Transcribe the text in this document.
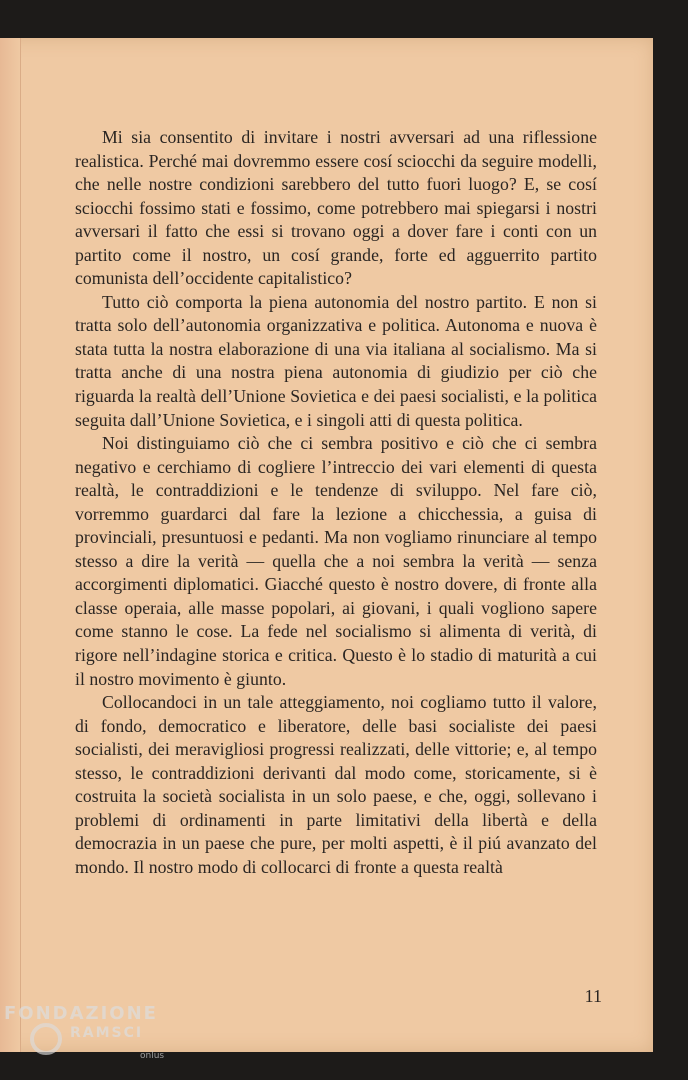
Mi sia consentito di invitare i nostri avversari ad una riflessione realistica. Perché mai dovremmo essere cosí sciocchi da seguire modelli, che nelle nostre condizioni sarebbero del tutto fuori luogo? E, se cosí sciocchi fossimo stati e fossimo, come potrebbero mai spiegarsi i nostri avversari il fatto che essi si trovano oggi a dover fare i conti con un partito come il nostro, un cosí grande, forte ed agguerrito partito comunista dell’occidente capitalistico?

Tutto ciò comporta la piena autonomia del nostro partito. E non si tratta solo dell’autonomia organizzativa e politica. Autonoma e nuova è stata tutta la nostra elaborazione di una via italiana al socialismo. Ma si tratta anche di una nostra piena autonomia di giudizio per ciò che riguarda la realtà dell’Unione Sovietica e dei paesi socialisti, e la politica seguita dall’Unione Sovietica, e i singoli atti di questa politica.

Noi distinguiamo ciò che ci sembra positivo e ciò che ci sembra negativo e cerchiamo di cogliere l’intreccio dei vari elementi di questa realtà, le contraddizioni e le tendenze di sviluppo. Nel fare ciò, vorremmo guardarci dal fare la lezione a chicchessia, a guisa di provinciali, presuntuosi e pedanti. Ma non vogliamo rinunciare al tempo stesso a dire la verità — quella che a noi sembra la verità — senza accorgimenti diplomatici. Giacché questo è nostro dovere, di fronte alla classe operaia, alle masse popolari, ai giovani, i quali vogliono sapere come stanno le cose. La fede nel socialismo si alimenta di verità, di rigore nell’indagine storica e critica. Questo è lo stadio di maturità a cui il nostro movimento è giunto.

Collocandoci in un tale atteggiamento, noi cogliamo tutto il valore, di fondo, democratico e liberatore, delle basi socialiste dei paesi socialisti, dei meravigliosi progressi realizzati, delle vittorie; e, al tempo stesso, le contraddizioni derivanti dal modo come, storicamente, si è costruita la società socialista in un solo paese, e che, oggi, sollevano i problemi di ordinamenti in parte limitativi della libertà e della democrazia in un paese che pure, per molti aspetti, è il piú avanzato del mondo. Il nostro modo di collocarci di fronte a questa realtà

11
FONDAZIONE
RAMSCI
onlus
